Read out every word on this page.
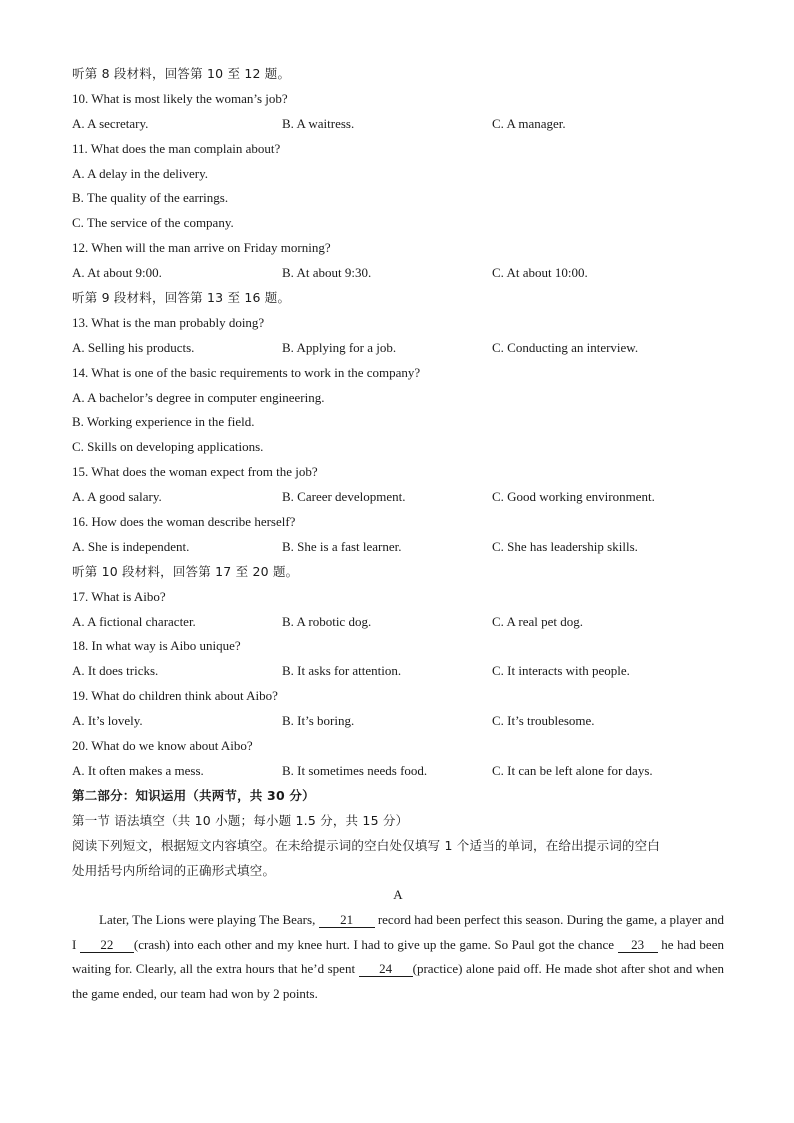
听第 8 段材料，回答第 10 至 12 题。
10. What is most likely the woman’s job?
A. A secretary.	B. A waitress.	C. A manager.
11. What does the man complain about?
A. A delay in the delivery.
B. The quality of the earrings.
C. The service of the company.
12. When will the man arrive on Friday morning?
A. At about 9:00.	B. At about 9:30.	C. At about 10:00.
听第 9 段材料，回答第 13 至 16 题。
13. What is the man probably doing?
A. Selling his products.	B. Applying for a job.	C. Conducting an interview.
14. What is one of the basic requirements to work in the company?
A. A bachelor’s degree in computer engineering.
B. Working experience in the field.
C. Skills on developing applications.
15. What does the woman expect from the job?
A. A good salary.	B. Career development.	C. Good working environment.
16. How does the woman describe herself?
A. She is independent.	B. She is a fast learner.	C. She has leadership skills.
听第 10 段材料，回答第 17 至 20 题。
17. What is Aibo?
A. A fictional character.	B. A robotic dog.	C. A real pet dog.
18. In what way is Aibo unique?
A. It does tricks.	B. It asks for attention.	C. It interacts with people.
19. What do children think about Aibo?
A. It’s lovely.	B. It’s boring.	C. It’s troublesome.
20. What do we know about Aibo?
A. It often makes a mess.	B. It sometimes needs food.	C. It can be left alone for days.
第二部分：知识运用（共两节，共 30 分）
第一节 语法填空（共 10 小题；每小题 1.5 分，共 15 分）
阅读下列短文，根据短文内容填空。在未给提示词的空白处仅填写 1 个适当的单词，在给出提示词的空白
处用括号内所给词的正确形式填空。
A
Later, The Lions were playing The Bears, 21 record had been perfect this season. During the game, a player and I 22 (crash) into each other and my knee hurt. I had to give up the game. So Paul got the chance 23 he had been waiting for. Clearly, all the extra hours that he’d spent 24 (practice) alone paid off. He made shot after shot and when the game ended, our team had won by 2 points.
